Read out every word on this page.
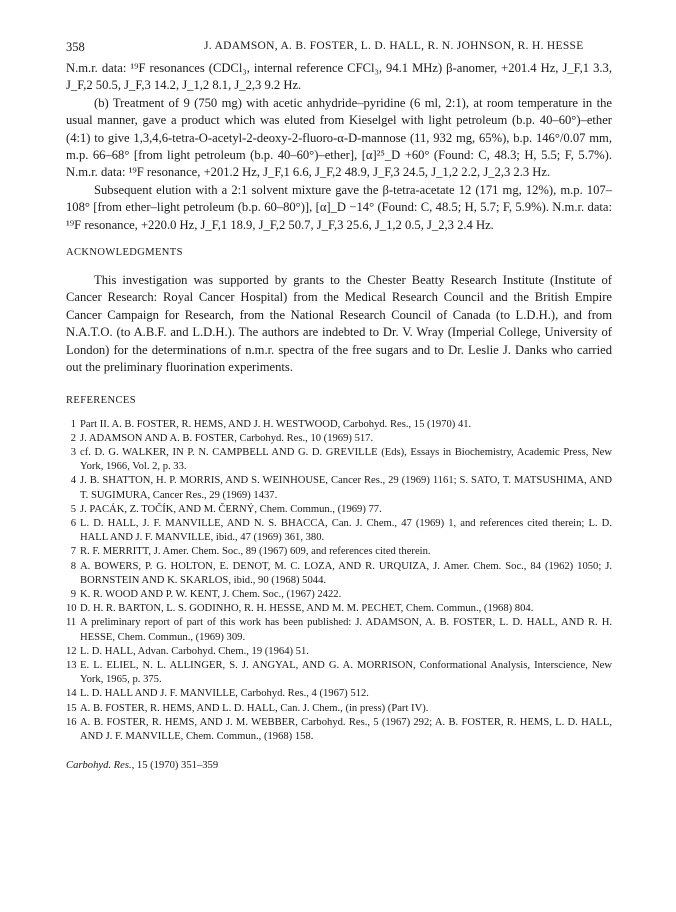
358	J. ADAMSON, A. B. FOSTER, L. D. HALL, R. N. JOHNSON, R. H. HESSE

N.m.r. data: ¹⁹F resonances (CDCl₃, internal reference CFCl₃, 94.1 MHz) β-anomer, +201.4 Hz, J_F,1 3.3, J_F,2 50.5, J_F,3 14.2, J_1,2 8.1, J_2,3 9.2 Hz.

(b) Treatment of 9 (750 mg) with acetic anhydride–pyridine (6 ml, 2:1), at room temperature in the usual manner, gave a product which was eluted from Kieselgel with light petroleum (b.p. 40–60°)–ether (4:1) to give 1,3,4,6-tetra-O-acetyl-2-deoxy-2-fluoro-α-D-mannose (11, 932 mg, 65%), b.p. 146°/0.07 mm, m.p. 66–68° [from light petroleum (b.p. 40–60°)–ether], [α]²⁵_D +60° (Found: C, 48.3; H, 5.5; F, 5.7%). N.m.r. data: ¹⁹F resonance, +201.2 Hz, J_F,1 6.6, J_F,2 48.9, J_F,3 24.5, J_1,2 2.2, J_2,3 2.3 Hz.

Subsequent elution with a 2:1 solvent mixture gave the β-tetra-acetate 12 (171 mg, 12%), m.p. 107–108° [from ether–light petroleum (b.p. 60–80°)], [α]_D −14° (Found: C, 48.5; H, 5.7; F, 5.9%). N.m.r. data: ¹⁹F resonance, +220.0 Hz, J_F,1 18.9, J_F,2 50.7, J_F,3 25.6, J_1,2 0.5, J_2,3 2.4 Hz.

ACKNOWLEDGMENTS

This investigation was supported by grants to the Chester Beatty Research Institute (Institute of Cancer Research: Royal Cancer Hospital) from the Medical Research Council and the British Empire Cancer Campaign for Research, from the National Research Council of Canada (to L.D.H.), and from N.A.T.O. (to A.B.F. and L.D.H.). The authors are indebted to Dr. V. Wray (Imperial College, University of London) for the determinations of n.m.r. spectra of the free sugars and to Dr. Leslie J. Danks who carried out the preliminary fluorination experiments.

REFERENCES
1 Part II. A. B. FOSTER, R. HEMS, AND J. H. WESTWOOD, Carbohyd. Res., 15 (1970) 41.
2 J. ADAMSON AND A. B. FOSTER, Carbohyd. Res., 10 (1969) 517.
3 cf. D. G. WALKER, IN P. N. CAMPBELL AND G. D. GREVILLE (Eds), Essays in Biochemistry, Academic Press, New York, 1966, Vol. 2, p. 33.
4 J. B. SHATTON, H. P. MORRIS, AND S. WEINHOUSE, Cancer Res., 29 (1969) 1161; S. SATO, T. MATSUSHIMA, AND T. SUGIMURA, Cancer Res., 29 (1969) 1437.
5 J. PACÁK, Z. TOČÍK, AND M. ČERNÝ, Chem. Commun., (1969) 77.
6 L. D. HALL, J. F. MANVILLE, AND N. S. BHACCA, Can. J. Chem., 47 (1969) 1, and references cited therein; L. D. HALL AND J. F. MANVILLE, ibid., 47 (1969) 361, 380.
7 R. F. MERRITT, J. Amer. Chem. Soc., 89 (1967) 609, and references cited therein.
8 A. BOWERS, P. G. HOLTON, E. DENOT, M. C. LOZA, AND R. URQUIZA, J. Amer. Chem. Soc., 84 (1962) 1050; J. BORNSTEIN AND K. SKARLOS, ibid., 90 (1968) 5044.
9 K. R. WOOD AND P. W. KENT, J. Chem. Soc., (1967) 2422.
10 D. H. R. BARTON, L. S. GODINHO, R. H. HESSE, AND M. M. PECHET, Chem. Commun., (1968) 804.
11 A preliminary report of part of this work has been published: J. ADAMSON, A. B. FOSTER, L. D. HALL, AND R. H. HESSE, Chem. Commun., (1969) 309.
12 L. D. HALL, Advan. Carbohyd. Chem., 19 (1964) 51.
13 E. L. ELIEL, N. L. ALLINGER, S. J. ANGYAL, AND G. A. MORRISON, Conformational Analysis, Interscience, New York, 1965, p. 375.
14 L. D. HALL AND J. F. MANVILLE, Carbohyd. Res., 4 (1967) 512.
15 A. B. FOSTER, R. HEMS, AND L. D. HALL, Can. J. Chem., (in press) (Part IV).
16 A. B. FOSTER, R. HEMS, AND J. M. WEBBER, Carbohyd. Res., 5 (1967) 292; A. B. FOSTER, R. HEMS, L. D. HALL, AND J. F. MANVILLE, Chem. Commun., (1968) 158.
Carbohyd. Res., 15 (1970) 351–359
